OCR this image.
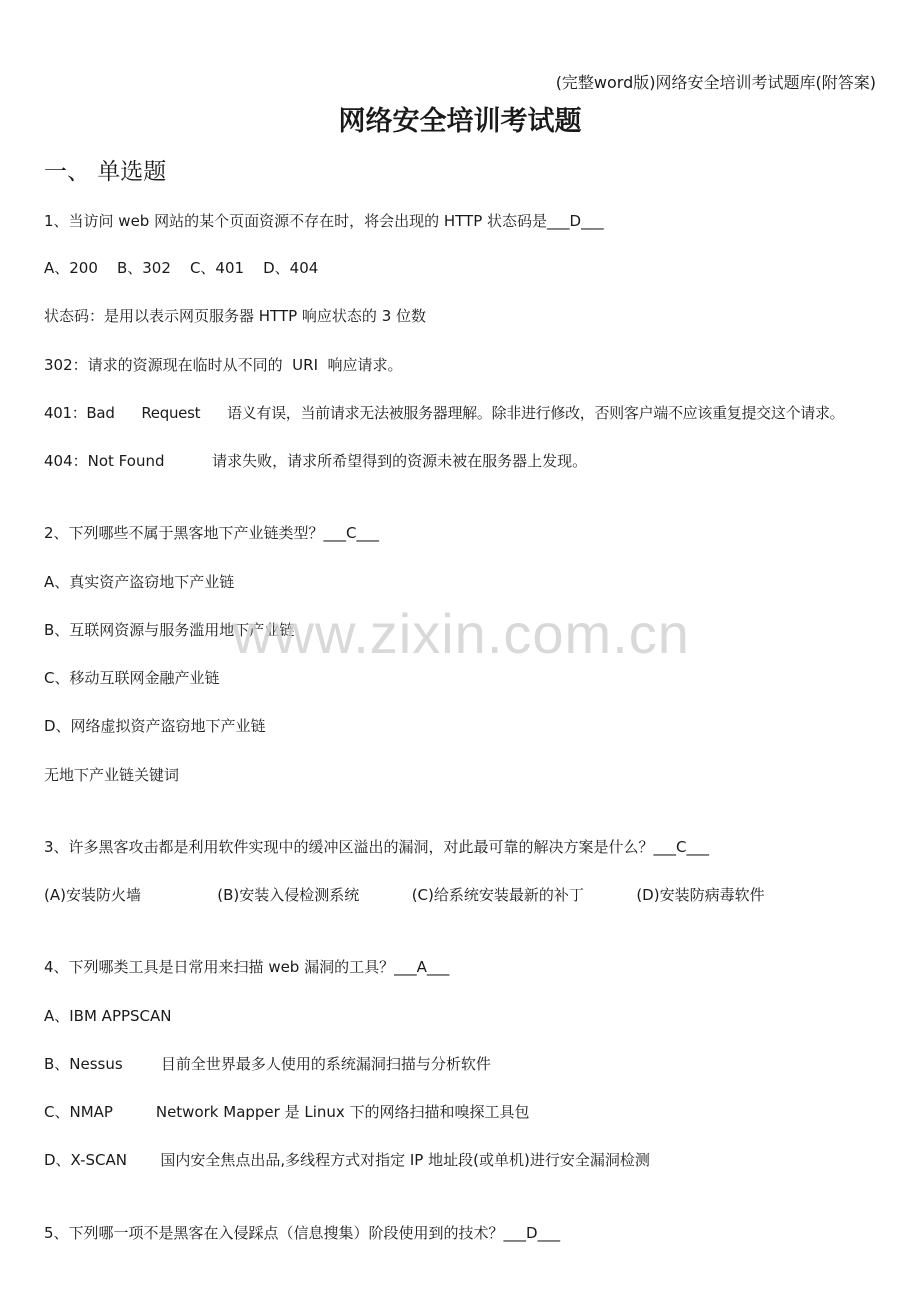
(完整word版)网络安全培训考试题库(附答案)
网络安全培训考试题
一、 单选题
1、当访问 web 网站的某个页面资源不存在时，将会出现的 HTTP 状态码是___D___
A、200    B、302    C、401    D、404
状态码：是用以表示网页服务器 HTTP 响应状态的 3 位数
302：请求的资源现在临时从不同的  URI  响应请求。
401：Bad      Request      语义有误，当前请求无法被服务器理解。除非进行修改，否则客户端不应该重复提交这个请求。
404：Not Found          请求失败，请求所希望得到的资源未被在服务器上发现。
2、下列哪些不属于黑客地下产业链类型？___C___
A、真实资产盗窃地下产业链
B、互联网资源与服务滥用地下产业链
C、移动互联网金融产业链
D、网络虚拟资产盗窃地下产业链
无地下产业链关键词
3、许多黑客攻击都是利用软件实现中的缓冲区溢出的漏洞，对此最可靠的解决方案是什么？___C___
(A)安装防火墙                (B)安装入侵检测系统           (C)给系统安装最新的补丁           (D)安装防病毒软件
4、下列哪类工具是日常用来扫描 web 漏洞的工具？___A___
A、IBM APPSCAN
B、Nessus        目前全世界最多人使用的系统漏洞扫描与分析软件
C、NMAP         Network Mapper 是 Linux 下的网络扫描和嗅探工具包
D、X-SCAN       国内安全焦点出品,多线程方式对指定 IP 地址段(或单机)进行安全漏洞检测
5、下列哪一项不是黑客在入侵踩点（信息搜集）阶段使用到的技术？___D___
www.zixin.com.cn
